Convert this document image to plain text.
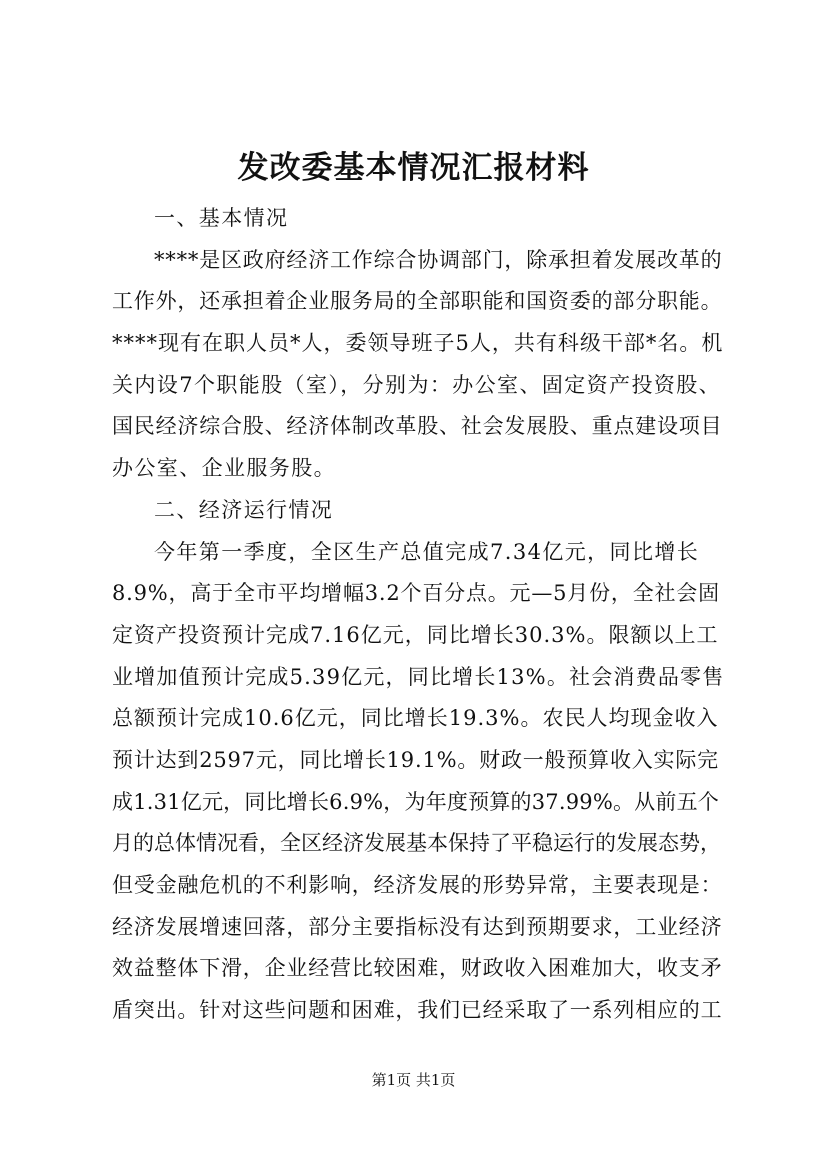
发改委基本情况汇报材料
一、基本情况
****是区政府经济工作综合协调部门，除承担着发展改革的
工作外，还承担着企业服务局的全部职能和国资委的部分职能。
****现有在职人员*人，委领导班子5人，共有科级干部*名。机
关内设7个职能股（室），分别为：办公室、固定资产投资股、
国民经济综合股、经济体制改革股、社会发展股、重点建设项目
办公室、企业服务股。
二、经济运行情况
今年第一季度，全区生产总值完成7.34亿元，同比增长
8.9%，高于全市平均增幅3.2个百分点。元—5月份，全社会固
定资产投资预计完成7.16亿元，同比增长30.3%。限额以上工
业增加值预计完成5.39亿元，同比增长13%。社会消费品零售
总额预计完成10.6亿元，同比增长19.3%。农民人均现金收入
预计达到2597元，同比增长19.1%。财政一般预算收入实际完
成1.31亿元，同比增长6.9%，为年度预算的37.99%。从前五个
月的总体情况看，全区经济发展基本保持了平稳运行的发展态势，
但受金融危机的不利影响，经济发展的形势异常，主要表现是：
经济发展增速回落，部分主要指标没有达到预期要求，工业经济
效益整体下滑，企业经营比较困难，财政收入困难加大，收支矛
盾突出。针对这些问题和困难，我们已经采取了一系列相应的工
第1页 共1页
